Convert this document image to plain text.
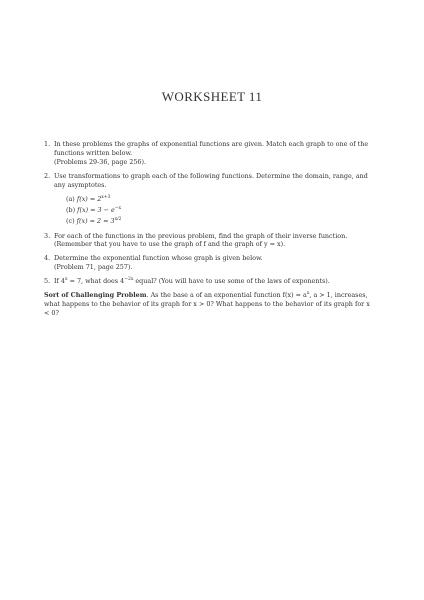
WORKSHEET 11
1. In these problems the graphs of exponential functions are given. Match each graph to one of the functions written below.
(Problems 29-36, page 256).
2. Use transformations to graph each of the following functions. Determine the domain, range, and any asymptotes.
(a) $f(x) = 2^{x+3}$
(b) $f(x) = 3 - e^{-x}$
(c) $f(x) = 2 = 3^{x/2}$
3. For each of the functions in the previous problem, find the graph of their inverse function. (Remember that you have to use the graph of f and the graph of y = x).
4. Determine the exponential function whose graph is given below.
(Problem 71, page 257).
5. If $4^x = 7$, what does $4^{-2x}$ equal? (You will have to use some of the laws of exponents).
Sort of Challenging Problem. As the base a of an exponential function $f(x) = a^x$, a > 1, increases, what happens to the behavior of its graph for x > 0? What happens to the behavior of its graph for x < 0?
